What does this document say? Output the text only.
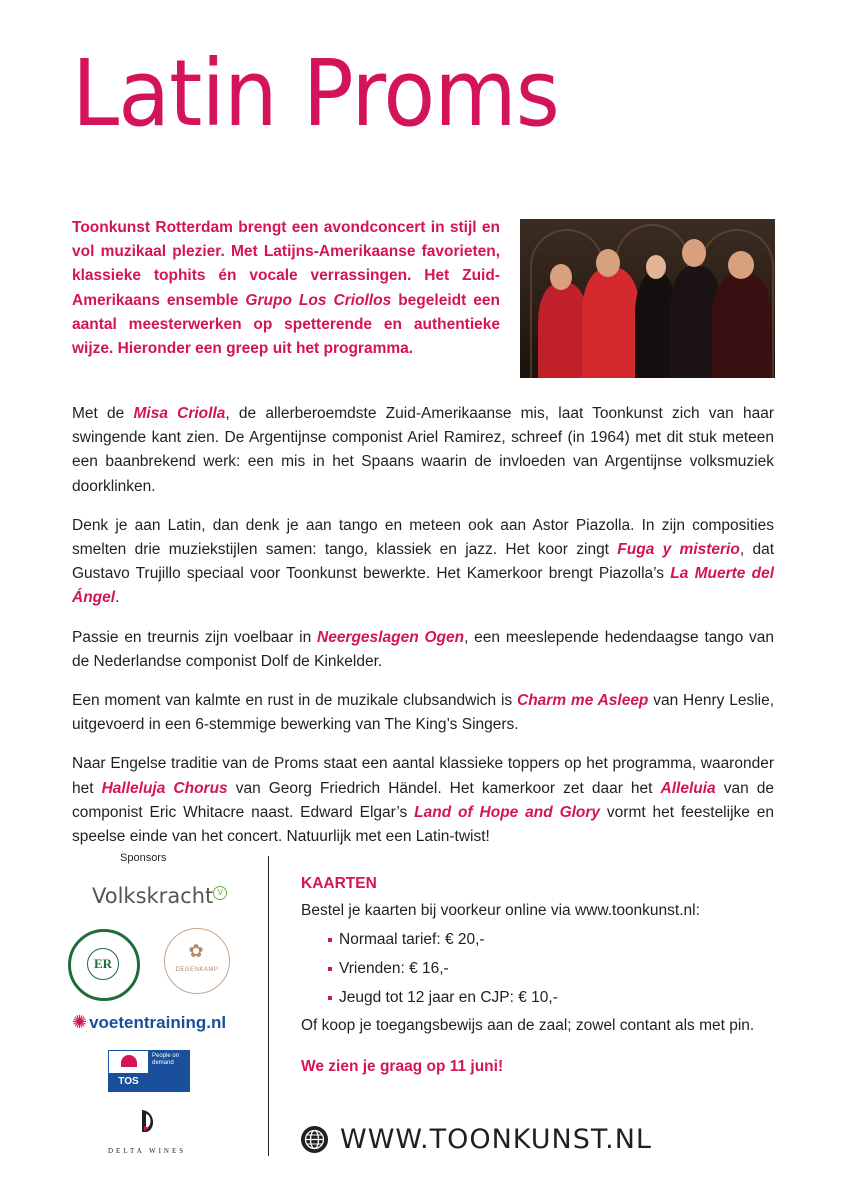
Latin Proms

Toonkunst Rotterdam brengt een avondconcert in stijl en vol muzikaal plezier. Met Latijns-Amerikaanse favorieten, klassieke tophits én vocale verrassingen. Het Zuid-Amerikaans ensemble Grupo Los Criollos begeleidt een aantal meesterwerken op spetterende en authentieke wijze. Hieronder een greep uit het programma.

Met de Misa Criolla, de allerberoemdste Zuid-Amerikaanse mis, laat Toonkunst zich van haar swingende kant zien. De Argentijnse componist Ariel Ramirez, schreef (in 1964) met dit stuk meteen een baanbrekend werk: een mis in het Spaans waarin de invloeden van Argentijnse volksmuziek doorklinken.

Denk je aan Latin, dan denk je aan tango en meteen ook aan Astor Piazolla. In zijn composities smelten drie muziekstijlen samen: tango, klassiek en jazz. Het koor zingt Fuga y misterio, dat Gustavo Trujillo speciaal voor Toonkunst bewerkte. Het Kamerkoor brengt Piazolla’s La Muerte del Ángel.

Passie en treurnis zijn voelbaar in Neergeslagen Ogen, een meeslepende hedendaagse tango van de Nederlandse componist Dolf de Kinkelder.

Een moment van kalmte en rust in de muzikale clubsandwich is Charm me Asleep van Henry Leslie, uitgevoerd in een 6-stemmige bewerking van The King’s Singers.

Naar Engelse traditie van de Proms staat een aantal klassieke toppers op het programma, waaronder het Halleluja Chorus van Georg Friedrich Händel. Het kamerkoor zet daar het Alleluia van de componist Eric Whitacre naast. Edward Elgar’s Land of Hope and Glory vormt het feestelijke en speelse einde van het concert. Natuurlijk met een Latin-twist!

Sponsors
Volkskracht V
ER
✿
DEGENKAMP
✺ voetentraining.nl
TOS
People on demand
DELTA WINES
KAARTEN

Bestel je kaarten bij voorkeur online via www.toonkunst.nl:

Normaal tarief: € 20,-
Vrienden: € 16,-
Jeugd tot 12 jaar en CJP: € 10,-

Of koop je toegangsbewijs aan de zaal; zowel contant als met pin.

We zien je graag op 11 juni!

WWW.TOONKUNST.NL
